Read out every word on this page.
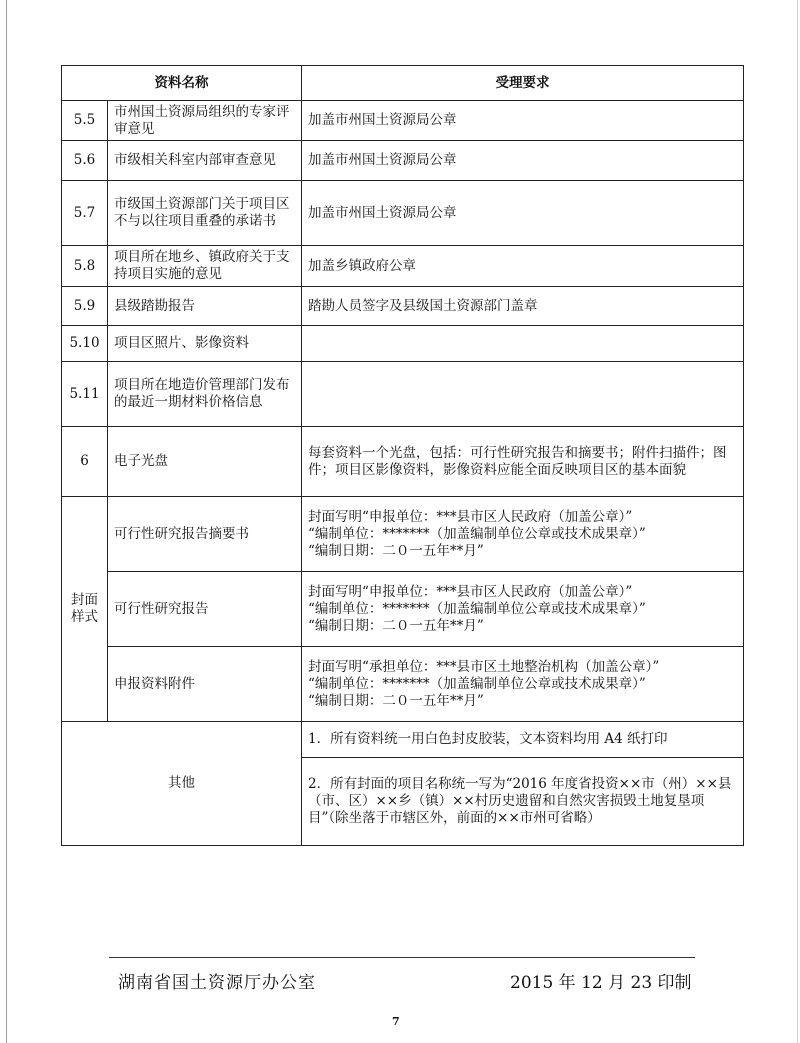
资料名称		受理要求
5.5	市州国土资源局组织的专家评审意见	加盖市州国土资源局公章
5.6	市级相关科室内部审查意见	加盖市州国土资源局公章
5.7	市级国土资源部门关于项目区不与以往项目重叠的承诺书	加盖市州国土资源局公章
5.8	项目所在地乡、镇政府关于支持项目实施的意见	加盖乡镇政府公章
5.9	县级踏勘报告	踏勘人员签字及县级国土资源部门盖章
5.10	项目区照片、影像资料	
5.11	项目所在地造价管理部门发布的最近一期材料价格信息	
6	电子光盘	每套资料一个光盘，包括：可行性研究报告和摘要书；附件扫描件；图件；项目区影像资料，影像资料应能全面反映项目区的基本面貌
封面样式	可行性研究报告摘要书	封面写明“申报单位：***县市区人民政府（加盖公章）”
“编制单位：*******（加盖编制单位公章或技术成果章）”
“编制日期：二０一五年**月”

	可行性研究报告	封面写明“申报单位：***县市区人民政府（加盖公章）”
“编制单位：*******（加盖编制单位公章或技术成果章）”
“编制日期：二０一五年**月”

	申报资料附件	封面写明“承担单位：***县市区土地整治机构（加盖公章）”
“编制单位：*******（加盖编制单位公章或技术成果章）”
“编制日期：二０一五年**月”

其他		1．所有资料统一用白色封皮胶装，文本资料均用 A4 纸打印
		2．所有封面的项目名称统一写为“2016 年度省投资××市（州）××县（市、区）××乡（镇）××村历史遗留和自然灾害损毁土地复垦项目”（除坐落于市辖区外，前面的××市州可省略）
湖南省国土资源厅办公室	2015 年 12 月 23 印制
7
